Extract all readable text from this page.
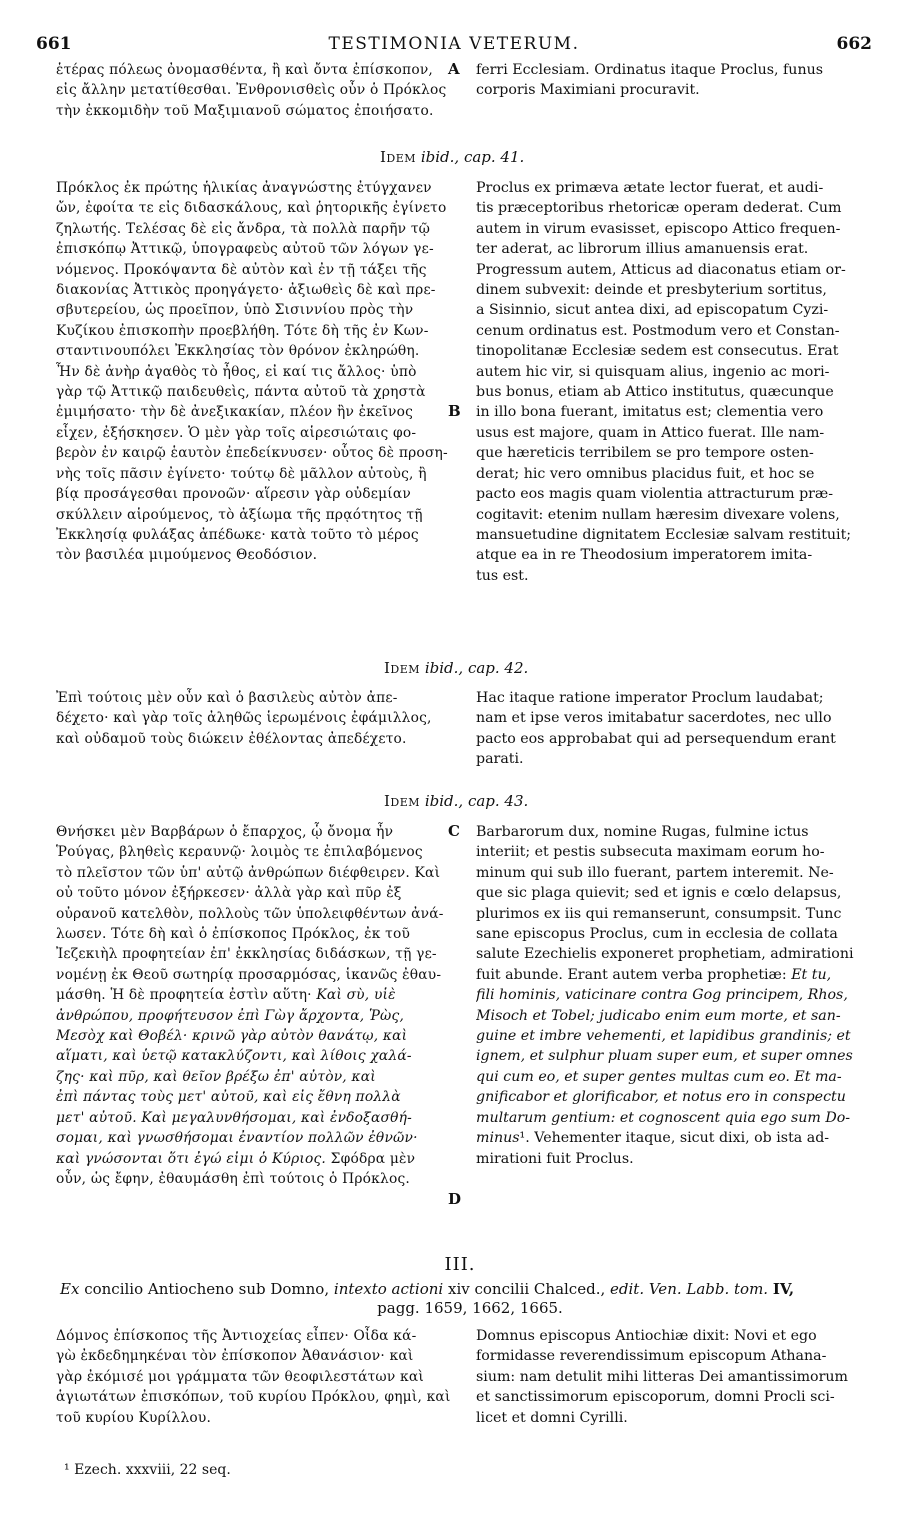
661	TESTIMONIA VETERUM.	662
ἑτέρας πόλεως ὀνομασθέντα, ἢ καὶ ὄντα ἐπίσκοπον,
εἰς ἄλλην μετατίθεσθαι. Ἐνθρονισθεὶς οὖν ὁ Πρόκλος
τὴν ἐκκομιδὴν τοῦ Μαξιμιανοῦ σώματος ἐποιήσατο.
A ferri Ecclesiam. Ordinatus itaque Proclus, funus
corporis Maximiani procuravit.
Idem ibid., cap. 41.
Πρόκλος ἐκ πρώτης ἡλικίας ἀναγνώστης ἐτύγχανεν
ὤν, ἐφοίτα τε εἰς διδασκάλους, καὶ ῥητορικῆς ἐγίνετο
ζηλωτής. Τελέσας δὲ εἰς ἄνδρα, τὰ πολλὰ παρῆν τῷ
ἐπισκόπῳ Ἀττικῷ, ὑπογραφεὺς αὐτοῦ τῶν λόγων γε-
νόμενος. Προκόψαντα δὲ αὐτὸν καὶ ἐν τῇ τάξει τῆς
διακονίας Ἀττικὸς προηγάγετο· ἀξιωθεὶς δὲ καὶ πρε-
σβυτερείου, ὡς προεῖπον, ὑπὸ Σισιννίου πρὸς τὴν
Κυζίκου ἐπισκοπὴν προεβλήθη. Τότε δὴ τῆς ἐν Κων-
σταντινουπόλει Ἐκκλησίας τὸν θρόνον ἐκληρώθη.
Ἦν δὲ ἀνὴρ ἀγαθὸς τὸ ἦθος, εἰ καί τις ἄλλος· ὑπὸ
γὰρ τῷ Ἀττικῷ παιδευθεὶς, πάντα αὐτοῦ τὰ χρηστὰ
ἐμιμήσατο· τὴν δὲ ἀνεξικακίαν, πλέον ἢν ἐκεῖνος
εἶχεν, ἐξήσκησεν. Ὁ μὲν γὰρ τοῖς αἱρεσιώταις φο-
βερὸν ἐν καιρῷ ἑαυτὸν ἐπεδείκνυσεν· οὗτος δὲ προση-
νὴς τοῖς πᾶσιν ἐγίνετο· τούτῳ δὲ μᾶλλον αὐτοὺς, ἢ
βίᾳ προσάγεσθαι προνοῶν· αἵρεσιν γὰρ οὐδεμίαν
σκύλλειν αἱρούμενος, τὸ ἀξίωμα τῆς πρᾳότητος τῇ
Ἐκκλησίᾳ φυλάξας ἀπέδωκε· κατὰ τοῦτο τὸ μέρος
τὸν βασιλέα μιμούμενος Θεοδόσιον.
B
Proclus ex primæva ætate lector fuerat, et audi-
tis præceptoribus rhetoricæ operam dederat. Cum
autem in virum evasisset, episcopo Attico frequen-
ter aderat, ac librorum illius amanuensis erat.
Progressum autem, Atticus ad diaconatus etiam or-
dinem subvexit: deinde et presbyterium sortitus,
a Sisinnio, sicut antea dixi, ad episcopatum Cyzi-
cenum ordinatus est. Postmodum vero et Constan-
tinopolitanæ Ecclesiæ sedem est consecutus. Erat
autem hic vir, si quisquam alius, ingenio ac mori-
bus bonus, etiam ab Attico institutus, quæcunque
in illo bona fuerant, imitatus est; clementia vero
usus est majore, quam in Attico fuerat. Ille nam-
que hæreticis terribilem se pro tempore osten-
derat; hic vero omnibus placidus fuit, et hoc se
pacto eos magis quam violentia attracturum præ-
cogitavit: etenim nullam hæresim divexare volens,
mansuetudine dignitatem Ecclesiæ salvam restituit;
atque ea in re Theodosium imperatorem imita-
tus est.
Idem ibid., cap. 42.
Ἐπὶ τούτοις μὲν οὖν καὶ ὁ βασιλεὺς αὐτὸν ἀπε-
δέχετο· καὶ γὰρ τοῖς ἀληθῶς ἱερωμένοις ἐφάμιλλος,
καὶ οὐδαμοῦ τοὺς διώκειν ἐθέλοντας ἀπεδέχετο.
Hac itaque ratione imperator Proclum laudabat;
nam et ipse veros imitabatur sacerdotes, nec ullo
pacto eos approbabat qui ad persequendum erant
parati.
Idem ibid., cap. 43.
Θνήσκει μὲν Βαρβάρων ὁ ἔπαρχος, ᾧ ὄνομα ἦν
Ῥούγας, βληθεὶς κεραυνῷ· λοιμὸς τε ἐπιλαβόμενος
τὸ πλεῖστον τῶν ὑπ' αὐτῷ ἀνθρώπων διέφθειρεν. Καὶ
οὐ τοῦτο μόνον ἐξήρκεσεν· ἀλλὰ γὰρ καὶ πῦρ ἐξ
οὐρανοῦ κατελθὸν, πολλοὺς τῶν ὑπολειφθέντων ἀνά-
λωσεν. Τότε δὴ καὶ ὁ ἐπίσκοπος Πρόκλος, ἐκ τοῦ
Ἰεζεκιὴλ προφητείαν ἐπ' ἐκκλησίας διδάσκων, τῇ γε-
νομένῃ ἐκ Θεοῦ σωτηρίᾳ προσαρμόσας, ἱκανῶς ἐθαυ-
μάσθη. Ἡ δὲ προφητεία ἐστὶν αὕτη· Καὶ σὺ, υἱὲ
ἀνθρώπου, προφήτευσον ἐπὶ Γὼγ ἄρχοντα, Ῥὼς,
Μεσὸχ καὶ Θοβέλ· κρινῶ γὰρ αὐτὸν θανάτῳ, καὶ
αἵματι, καὶ ὑετῷ κατακλύζοντι, καὶ λίθοις χαλά-
ζης· καὶ πῦρ, καὶ θεῖον βρέξω ἐπ' αὐτὸν, καὶ
ἐπὶ πάντας τοὺς μετ' αὐτοῦ, καὶ εἰς ἔθνη πολλὰ
μετ' αὐτοῦ. Καὶ μεγαλυνθήσομαι, καὶ ἐνδοξασθή-
σομαι, καὶ γνωσθήσομαι ἐναντίον πολλῶν ἐθνῶν·
καὶ γνώσονται ὅτι ἐγώ εἰμι ὁ Κύριος. Σφόδρα μὲν
οὖν, ὡς ἔφην, ἐθαυμάσθη ἐπὶ τούτοις ὁ Πρόκλος.
C
D
Barbarorum dux, nomine Rugas, fulmine ictus
interiit; et pestis subsecuta maximam eorum ho-
minum qui sub illo fuerant, partem interemit. Ne-
que sic plaga quievit; sed et ignis e cœlo delapsus,
plurimos ex iis qui remanserunt, consumpsit. Tunc
sane episcopus Proclus, cum in ecclesia de collata
salute Ezechielis exponeret prophetiam, admirationi
fuit abunde. Erant autem verba prophetiæ: Et tu,
fili hominis, vaticinare contra Gog principem, Rhos,
Misoch et Tobel; judicabo enim eum morte, et san-
guine et imbre vehementi, et lapidibus grandinis; et
ignem, et sulphur pluam super eum, et super omnes
qui cum eo, et super gentes multas cum eo. Et ma-
gnificabor et glorificabor, et notus ero in conspectu
multarum gentium: et cognoscent quia ego sum Do-
minus¹. Vehementer itaque, sicut dixi, ob ista ad-
mirationi fuit Proclus.
III.
Ex concilio Antiocheno sub Domno, intexto actioni xiv concilii Chalced., edit. Ven. Labb. tom. IV,
pagg. 1659, 1662, 1665.
Δόμνος ἐπίσκοπος τῆς Ἀντιοχείας εἶπεν· Οἶδα κά-
γὼ ἐκδεδημηκέναι τὸν ἐπίσκοπον Ἀθανάσιον· καὶ
γὰρ ἐκόμισέ μοι γράμματα τῶν θεοφιλεστάτων καὶ
ἁγιωτάτων ἐπισκόπων, τοῦ κυρίου Πρόκλου, φημὶ, καὶ
τοῦ κυρίου Κυρίλλου.
Domnus episcopus Antiochiæ dixit: Novi et ego
formidasse reverendissimum episcopum Athana-
sium: nam detulit mihi litteras Dei amantissimorum
et sanctissimorum episcoporum, domni Procli sci-
licet et domni Cyrilli.
¹ Ezech. xxxviii, 22 seq.
